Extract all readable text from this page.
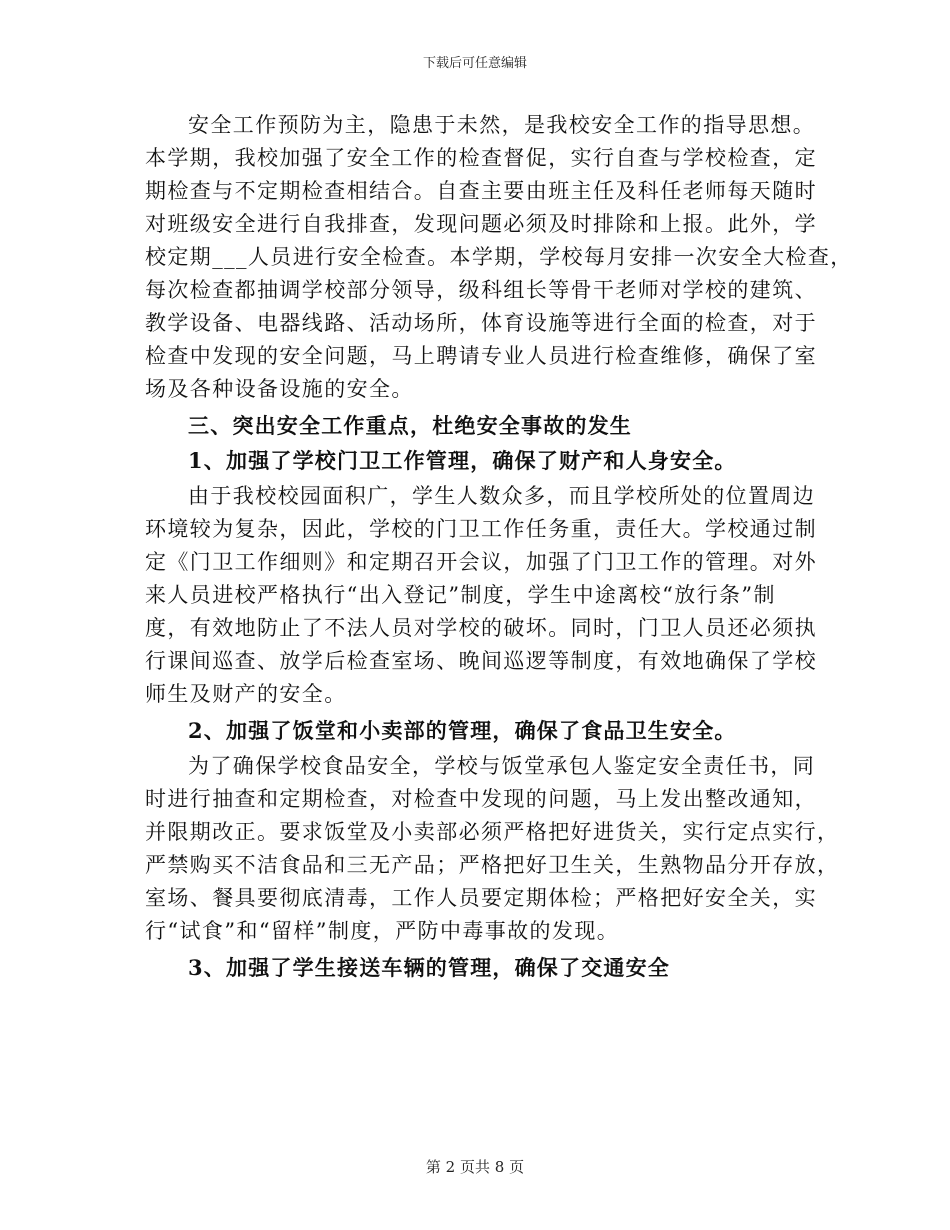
下载后可任意编辑
安全工作预防为主，隐患于未然，是我校安全工作的指导思想。
本学期，我校加强了安全工作的检查督促，实行自查与学校检查，定
期检查与不定期检查相结合。自查主要由班主任及科任老师每天随时
对班级安全进行自我排查，发现问题必须及时排除和上报。此外，学
校定期___人员进行安全检查。本学期，学校每月安排一次安全大检查，
每次检查都抽调学校部分领导，级科组长等骨干老师对学校的建筑、
教学设备、电器线路、活动场所，体育设施等进行全面的检查，对于
检查中发现的安全问题，马上聘请专业人员进行检查维修，确保了室
场及各种设备设施的安全。
三、突出安全工作重点，杜绝安全事故的发生
1、加强了学校门卫工作管理，确保了财产和人身安全。
由于我校校园面积广，学生人数众多，而且学校所处的位置周边
环境较为复杂，因此，学校的门卫工作任务重，责任大。学校通过制
定《门卫工作细则》和定期召开会议，加强了门卫工作的管理。对外
来人员进校严格执行“出入登记”制度，学生中途离校“放行条”制
度，有效地防止了不法人员对学校的破坏。同时，门卫人员还必须执
行课间巡查、放学后检查室场、晚间巡逻等制度，有效地确保了学校
师生及财产的安全。
2、加强了饭堂和小卖部的管理，确保了食品卫生安全。
为了确保学校食品安全，学校与饭堂承包人鉴定安全责任书，同
时进行抽查和定期检查，对检查中发现的问题，马上发出整改通知，
并限期改正。要求饭堂及小卖部必须严格把好进货关，实行定点实行，
严禁购买不洁食品和三无产品；严格把好卫生关，生熟物品分开存放，
室场、餐具要彻底清毒，工作人员要定期体检；严格把好安全关，实
行“试食”和“留样”制度，严防中毒事故的发现。
3、加强了学生接送车辆的管理，确保了交通安全
第 2 页共 8 页
